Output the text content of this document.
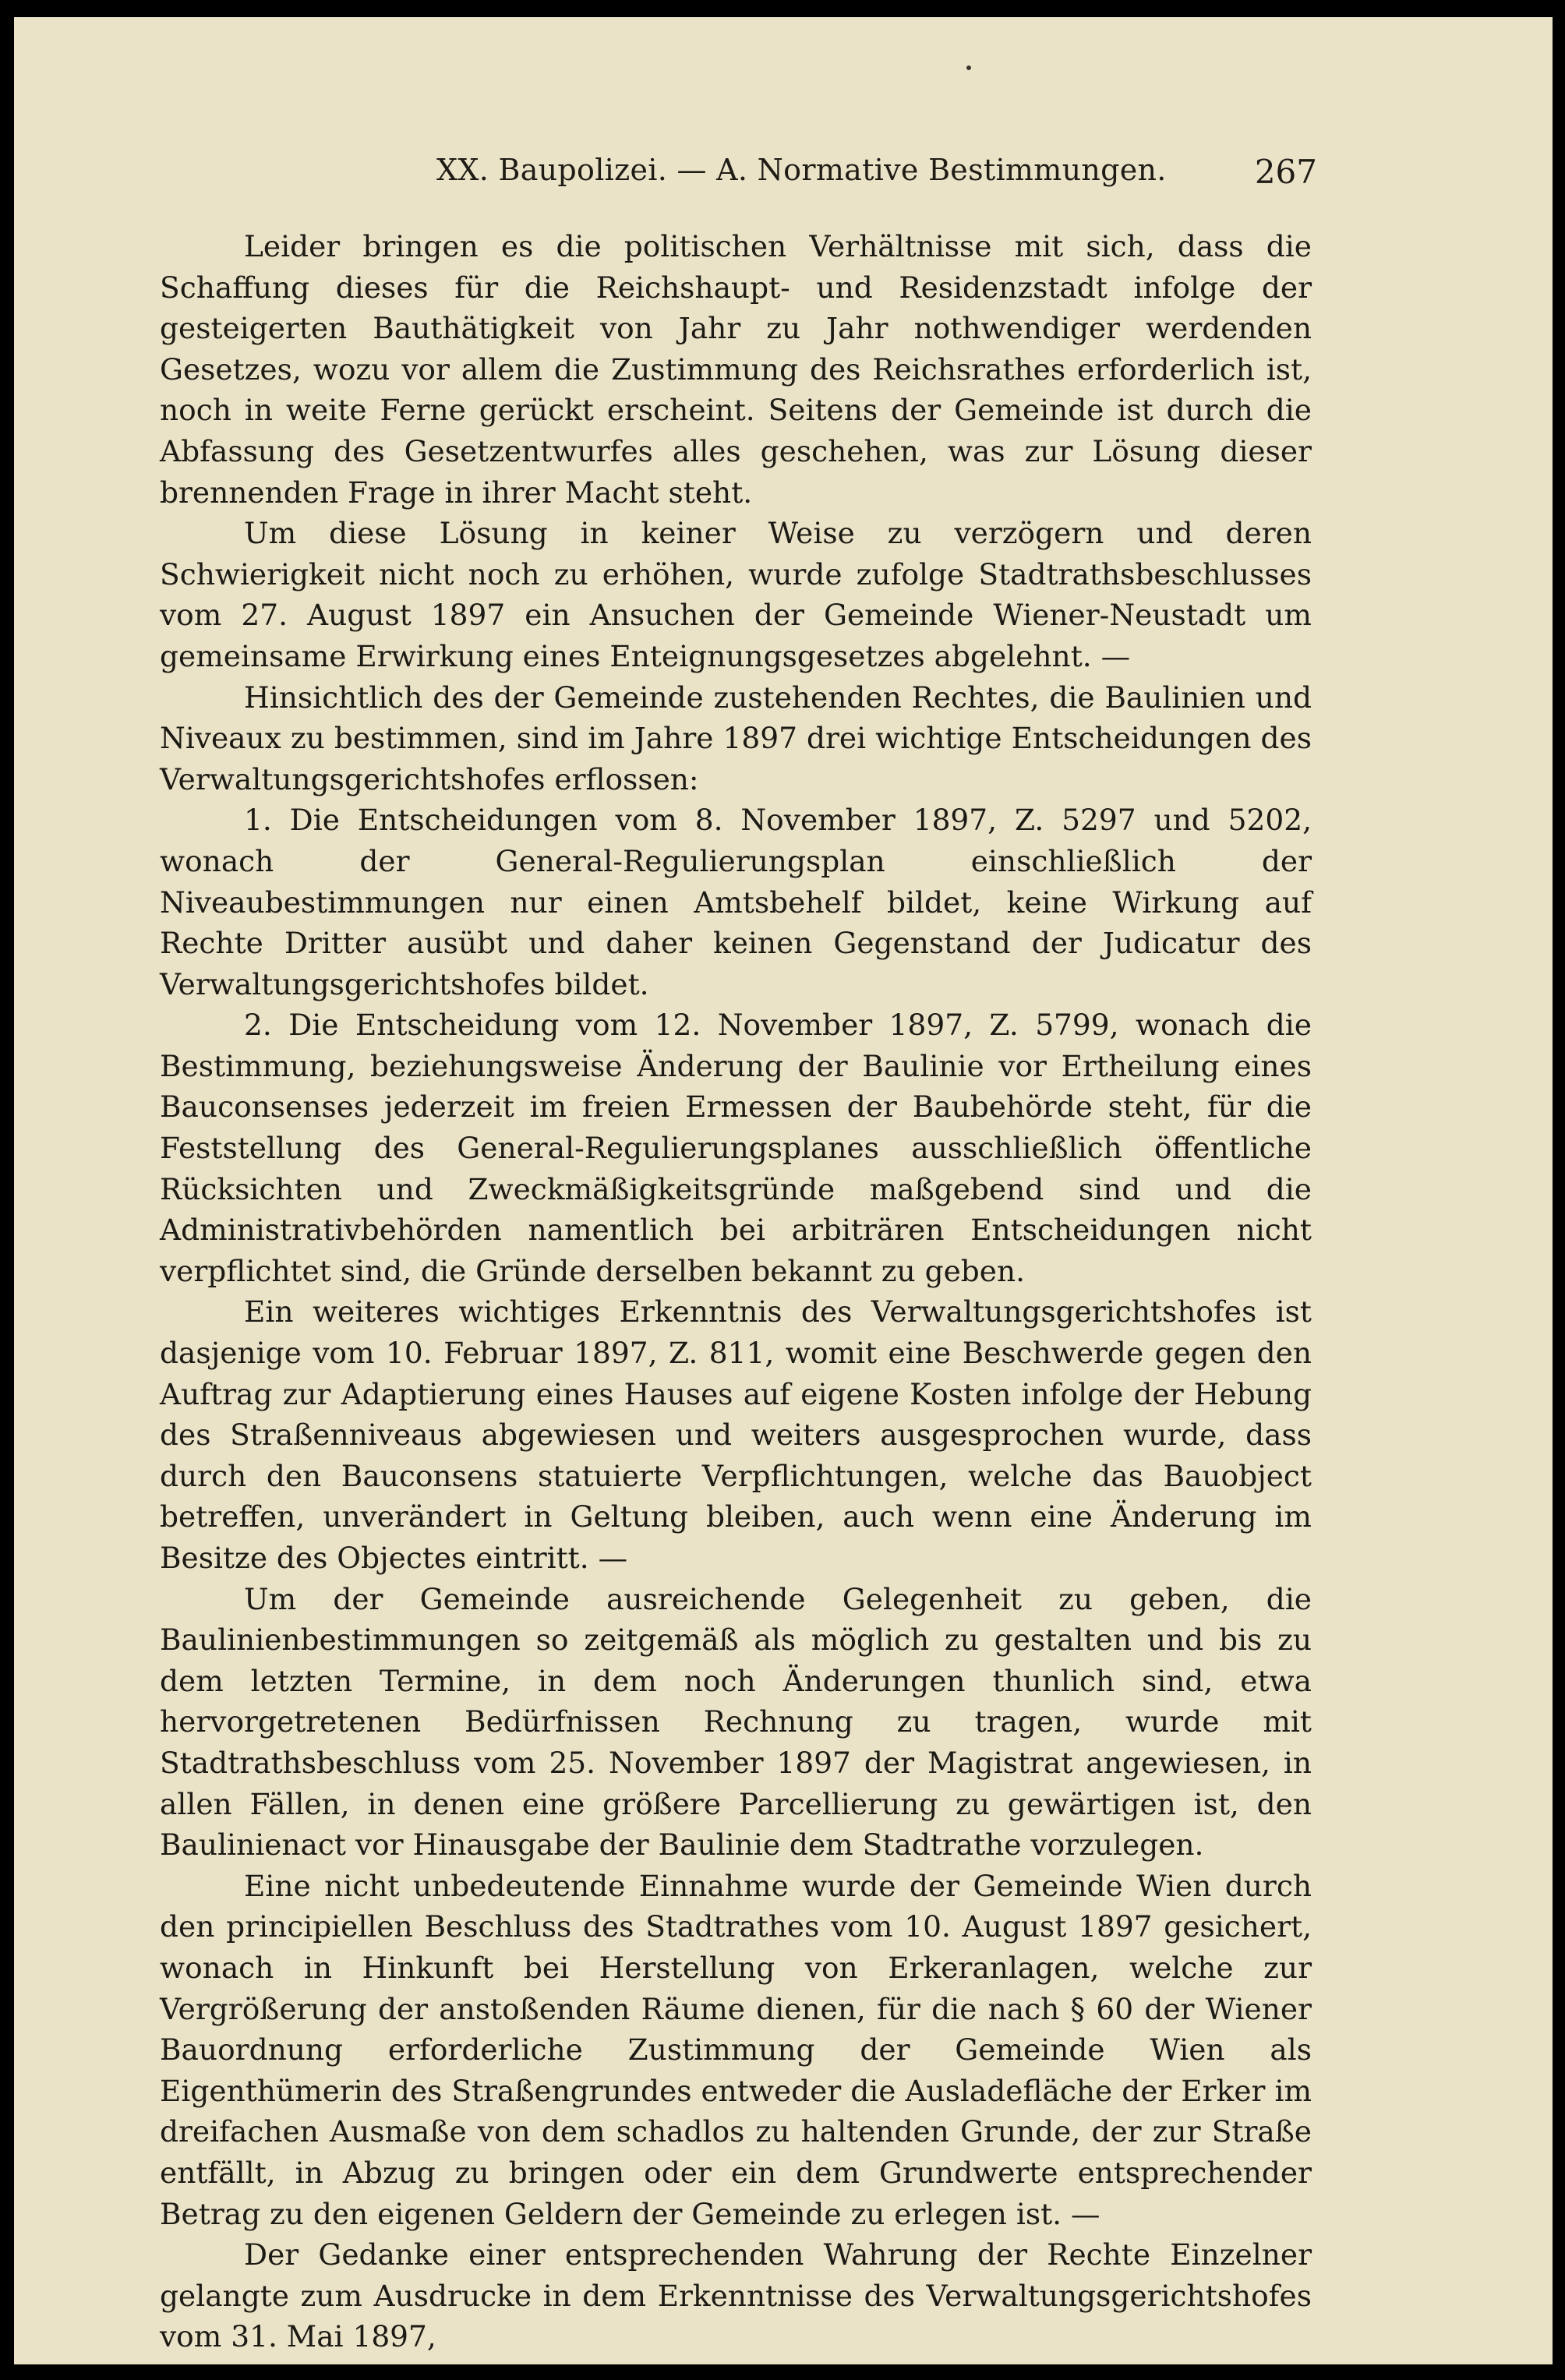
XX. Baupolizei. — A. Normative Bestimmungen.	267

Leider bringen es die politischen Verhältnisse mit sich, dass die Schaffung dieses für die Reichshaupt- und Residenzstadt infolge der gesteigerten Bauthätigkeit von Jahr zu Jahr nothwendiger werdenden Gesetzes, wozu vor allem die Zustimmung des Reichsrathes erforderlich ist, noch in weite Ferne gerückt erscheint. Seitens der Gemeinde ist durch die Abfassung des Gesetzentwurfes alles geschehen, was zur Lösung dieser brennenden Frage in ihrer Macht steht.

Um diese Lösung in keiner Weise zu verzögern und deren Schwierigkeit nicht noch zu erhöhen, wurde zufolge Stadtrathsbeschlusses vom 27. August 1897 ein Ansuchen der Gemeinde Wiener-Neustadt um gemeinsame Erwirkung eines Enteignungsgesetzes abgelehnt. —

Hinsichtlich des der Gemeinde zustehenden Rechtes, die Baulinien und Niveaux zu bestimmen, sind im Jahre 1897 drei wichtige Entscheidungen des Verwaltungsgerichtshofes erflossen:

1. Die Entscheidungen vom 8. November 1897, Z. 5297 und 5202, wonach der General-Regulierungsplan einschließlich der Niveaubestimmungen nur einen Amtsbehelf bildet, keine Wirkung auf Rechte Dritter ausübt und daher keinen Gegenstand der Judicatur des Verwaltungsgerichtshofes bildet.

2. Die Entscheidung vom 12. November 1897, Z. 5799, wonach die Bestimmung, beziehungsweise Änderung der Baulinie vor Ertheilung eines Bauconsenses jederzeit im freien Ermessen der Baubehörde steht, für die Feststellung des General-Regulierungsplanes ausschließlich öffentliche Rücksichten und Zweckmäßigkeitsgründe maßgebend sind und die Administrativbehörden namentlich bei arbiträren Entscheidungen nicht verpflichtet sind, die Gründe derselben bekannt zu geben.

Ein weiteres wichtiges Erkenntnis des Verwaltungsgerichtshofes ist dasjenige vom 10. Februar 1897, Z. 811, womit eine Beschwerde gegen den Auftrag zur Adaptierung eines Hauses auf eigene Kosten infolge der Hebung des Straßenniveaus abgewiesen und weiters ausgesprochen wurde, dass durch den Bauconsens statuierte Verpflichtungen, welche das Bauobject betreffen, unverändert in Geltung bleiben, auch wenn eine Änderung im Besitze des Objectes eintritt. —

Um der Gemeinde ausreichende Gelegenheit zu geben, die Baulinienbestimmungen so zeitgemäß als möglich zu gestalten und bis zu dem letzten Termine, in dem noch Änderungen thunlich sind, etwa hervorgetretenen Bedürfnissen Rechnung zu tragen, wurde mit Stadtrathsbeschluss vom 25. November 1897 der Magistrat angewiesen, in allen Fällen, in denen eine größere Parcellierung zu gewärtigen ist, den Baulinienact vor Hinausgabe der Baulinie dem Stadtrathe vorzulegen.

Eine nicht unbedeutende Einnahme wurde der Gemeinde Wien durch den principiellen Beschluss des Stadtrathes vom 10. August 1897 gesichert, wonach in Hinkunft bei Herstellung von Erkeranlagen, welche zur Vergrößerung der anstoßenden Räume dienen, für die nach § 60 der Wiener Bauordnung erforderliche Zustimmung der Gemeinde Wien als Eigenthümerin des Straßengrundes entweder die Ausladefläche der Erker im dreifachen Ausmaße von dem schadlos zu haltenden Grunde, der zur Straße entfällt, in Abzug zu bringen oder ein dem Grundwerte entsprechender Betrag zu den eigenen Geldern der Gemeinde zu erlegen ist. —

Der Gedanke einer entsprechenden Wahrung der Rechte Einzelner gelangte zum Ausdrucke in dem Erkenntnisse des Verwaltungsgerichtshofes vom 31. Mai 1897,
